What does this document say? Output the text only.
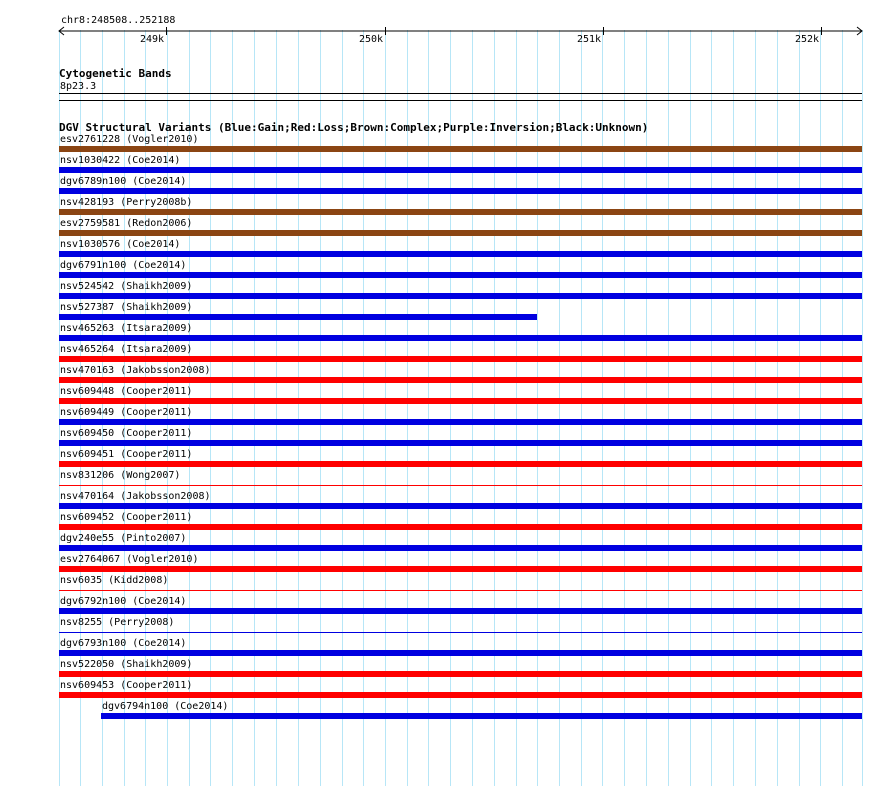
chr8:248508..252188
249k	250k	251k	252k
Cytogenetic Bands
8p23.3
DGV Structural Variants (Blue:Gain;Red:Loss;Brown:Complex;Purple:Inversion;Black:Unknown)
esv2761228 (Vogler2010)
nsv1030422 (Coe2014)
dgv6789n100 (Coe2014)
nsv428193 (Perry2008b)
esv2759581 (Redon2006)
nsv1030576 (Coe2014)
dgv6791n100 (Coe2014)
nsv524542 (Shaikh2009)
nsv527387 (Shaikh2009)
nsv465263 (Itsara2009)
nsv465264 (Itsara2009)
nsv470163 (Jakobsson2008)
nsv609448 (Cooper2011)
nsv609449 (Cooper2011)
nsv609450 (Cooper2011)
nsv609451 (Cooper2011)
nsv831206 (Wong2007)
nsv470164 (Jakobsson2008)
nsv609452 (Cooper2011)
dgv240e55 (Pinto2007)
esv2764067 (Vogler2010)
nsv6035 (Kidd2008)
dgv6792n100 (Coe2014)
nsv8255 (Perry2008)
dgv6793n100 (Coe2014)
nsv522050 (Shaikh2009)
nsv609453 (Cooper2011)
dgv6794n100 (Coe2014)
